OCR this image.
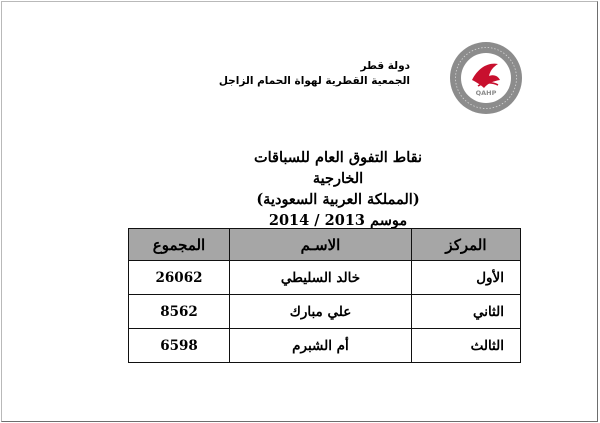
QAHP
دولة قطر
الجمعية القطرية لهواة الحمام الزاجل
نقاط التفوق العام للسباقات الخارجية
(المملكة العربية السعودية)
موسم 2013 / 2014
المركز	الاسـم	المجموع
الأول	خالد السليطي	26062
الثاني	علي مبارك	8562
الثالث	أم الشبرم	6598
